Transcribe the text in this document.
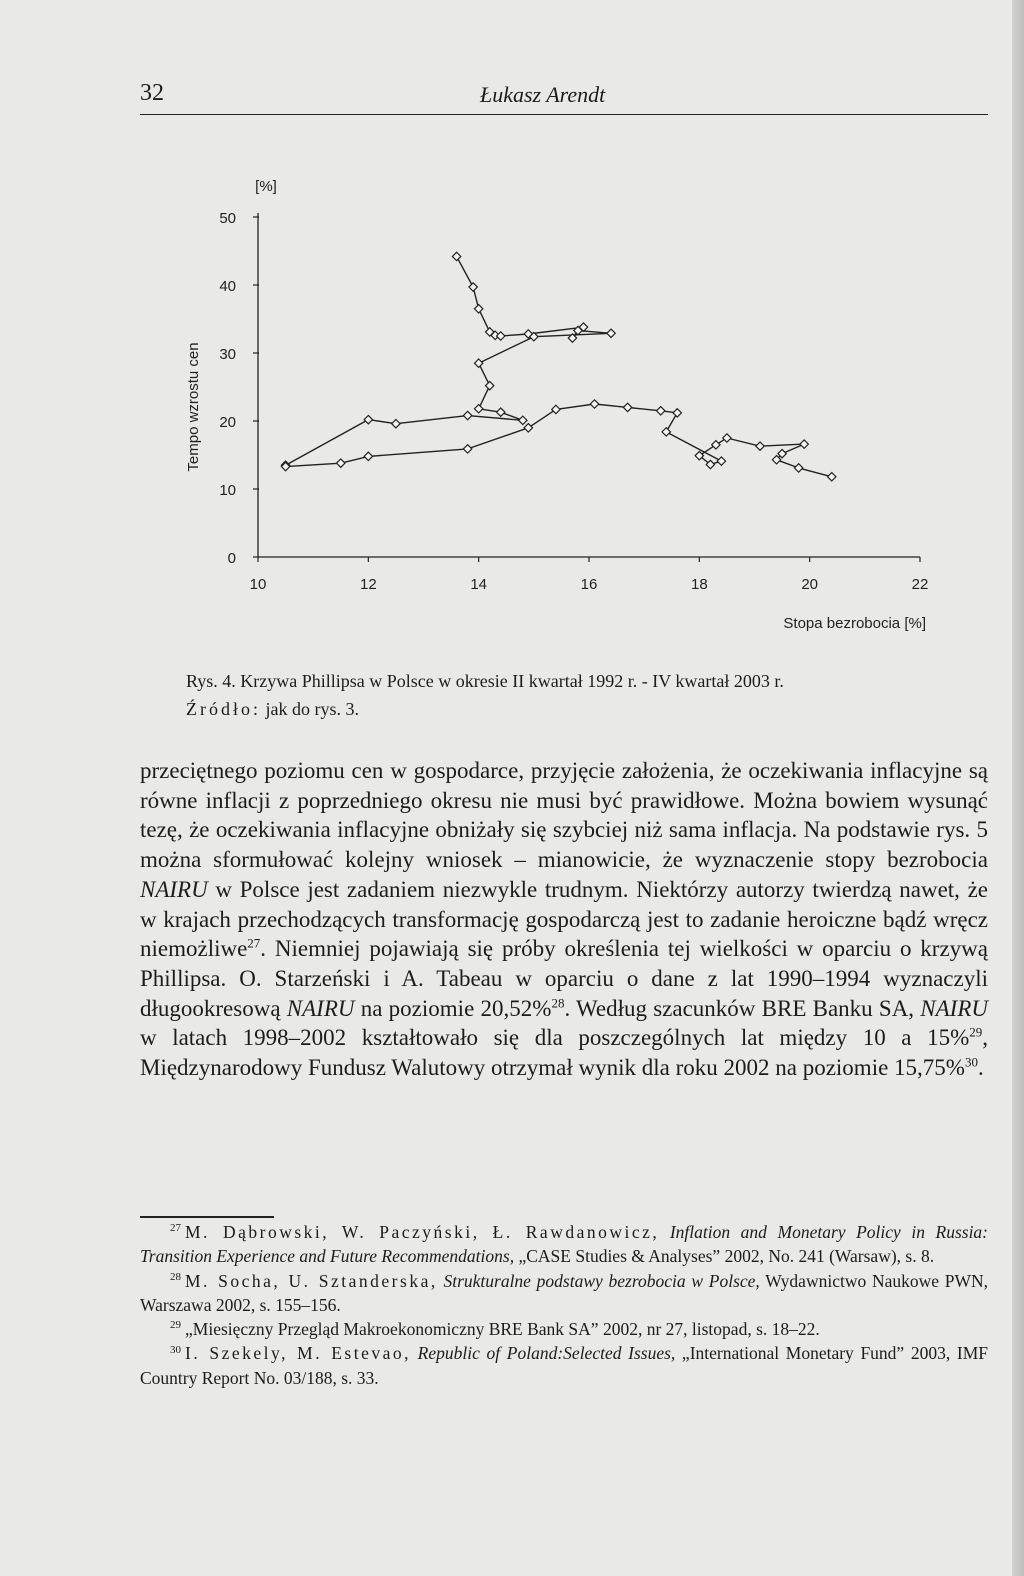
32	Łukasz Arendt
0
10
20
30
40
50
10	12	14	16	18	20	22
[%]
Tempo wzrostu cen
Stopa bezrobocia [%]
Rys. 4. Krzywa Phillipsa w Polsce w okresie II kwartał 1992 r. - IV kwartał 2003 r.
Źródło: jak do rys. 3.
przeciętnego poziomu cen w gospodarce, przyjęcie założenia, że oczekiwania inflacyjne są równe inflacji z poprzedniego okresu nie musi być prawidłowe. Można bowiem wysunąć tezę, że oczekiwania inflacyjne obniżały się szybciej niż sama inflacja. Na podstawie rys. 5 można sformułować kolejny wniosek – mianowicie, że wyznaczenie stopy bezrobocia NAIRU w Polsce jest zadaniem niezwykle trudnym. Niektórzy autorzy twierdzą nawet, że w krajach przechodzących transformację gospodarczą jest to zadanie heroiczne bądź wręcz niemożliwe$^{27}$. Niemniej pojawiają się próby określenia tej wielkości w oparciu o krzywą Phillipsa. O. Starzeński i A. Tabeau w oparciu o dane z lat 1990–1994 wyznaczyli długookresową NAIRU na poziomie 20,52%$^{28}$. Według szacunków BRE Banku SA, NAIRU w latach 1998–2002 kształtowało się dla poszczególnych lat między 10 a 15%$^{29}$, Międzynarodowy Fundusz Walutowy otrzymał wynik dla roku 2002 na poziomie 15,75%$^{30}$.
$^{27}$ M. Dąbrowski, W. Paczyński, Ł. Rawdanowicz, Inflation and Monetary Policy in Russia: Transition Experience and Future Recommendations, „CASE Studies & Analyses” 2002, No. 241 (Warsaw), s. 8.
$^{28}$ M. Socha, U. Sztanderska, Strukturalne podstawy bezrobocia w Polsce, Wydawnictwo Naukowe PWN, Warszawa 2002, s. 155–156.
$^{29}$ „Miesięczny Przegląd Makroekonomiczny BRE Bank SA” 2002, nr 27, listopad, s. 18–22.
$^{30}$ I. Szekely, M. Estevao, Republic of Poland:Selected Issues, „International Monetary Fund” 2003, IMF Country Report No. 03/188, s. 33.
